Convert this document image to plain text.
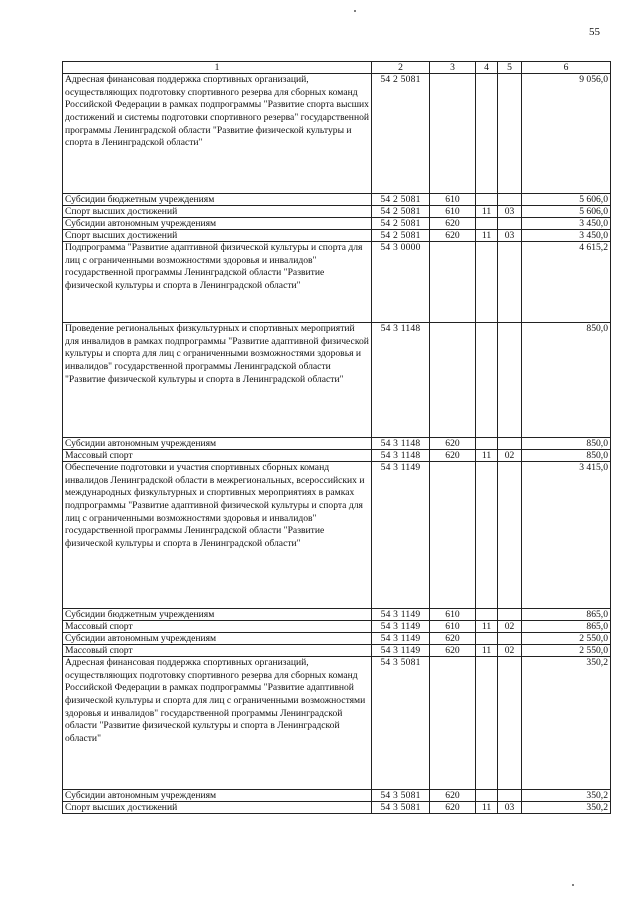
55
1	2	3	4	5	6
Адресная финансовая поддержка спортивных организаций, осуществляющих подготовку спортивного резерва для сборных команд Российской Федерации в рамках подпрограммы "Развитие спорта высших достижений и системы подготовки спортивного резерва" государственной программы Ленинградской области "Развитие физической культуры и спорта в Ленинградской области"	54 2 5081				9 056,0
Субсидии бюджетным учреждениям	54 2 5081	610			5 606,0
Спорт высших достижений	54 2 5081	610	11	03	5 606,0
Субсидии автономным учреждениям	54 2 5081	620			3 450,0
Спорт высших достижений	54 2 5081	620	11	03	3 450,0
Подпрограмма "Развитие адаптивной физической культуры и спорта для лиц с ограниченными возможностями здоровья и инвалидов" государственной программы Ленинградской области "Развитие физической культуры и спорта в Ленинградской области"	54 3 0000				4 615,2
Проведение региональных физкультурных и спортивных мероприятий для инвалидов в рамках подпрограммы "Развитие адаптивной физической культуры и спорта для лиц с ограниченными возможностями здоровья и инвалидов" государственной программы Ленинградской области "Развитие физической культуры и спорта в Ленинградской области"	54 3 1148				850,0
Субсидии автономным учреждениям	54 3 1148	620			850,0
Массовый спорт	54 3 1148	620	11	02	850,0
Обеспечение подготовки и участия спортивных сборных команд инвалидов Ленинградской области в межрегиональных, всероссийских и международных физкультурных и спортивных мероприятиях в рамках подпрограммы "Развитие адаптивной физической культуры и спорта для лиц с ограниченными возможностями здоровья и инвалидов" государственной программы Ленинградской области "Развитие физической культуры и спорта в Ленинградской области"	54 3 1149				3 415,0
Субсидии бюджетным учреждениям	54 3 1149	610			865,0
Массовый спорт	54 3 1149	610	11	02	865,0
Субсидии автономным учреждениям	54 3 1149	620			2 550,0
Массовый спорт	54 3 1149	620	11	02	2 550,0
Адресная финансовая поддержка спортивных организаций, осуществляющих подготовку спортивного резерва для сборных команд Российской Федерации в рамках подпрограммы "Развитие адаптивной физической культуры и спорта для лиц с ограниченными возможностями здоровья и инвалидов" государственной программы Ленинградской области "Развитие физической культуры и спорта в Ленинградской области"	54 3 5081				350,2
Субсидии автономным учреждениям	54 3 5081	620			350,2
Спорт высших достижений	54 3 5081	620	11	03	350,2
